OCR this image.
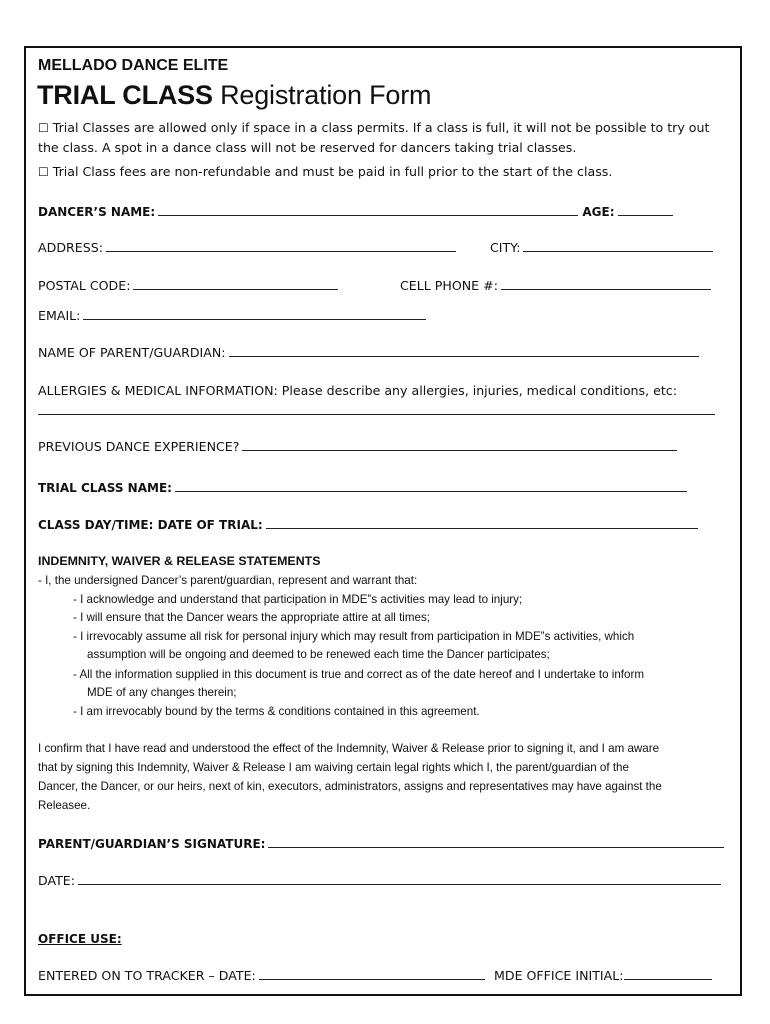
MELLADO DANCE ELITE
TRIAL CLASS Registration Form
☐ Trial Classes are allowed only if space in a class permits. If a class is full, it will not be possible to try out
the class. A spot in a dance class will not be reserved for dancers taking trial classes.
☐ Trial Class fees are non-refundable and must be paid in full prior to the start of the class.
DANCER’S NAME:	AGE:
ADDRESS:	CITY:
POSTAL CODE:	CELL PHONE #:
EMAIL:
NAME OF PARENT/GUARDIAN:
ALLERGIES & MEDICAL INFORMATION: Please describe any allergies, injuries, medical conditions, etc:
PREVIOUS DANCE EXPERIENCE?
TRIAL CLASS NAME:
CLASS DAY/TIME: DATE OF TRIAL:
INDEMNITY, WAIVER & RELEASE STATEMENTS
- I, the undersigned Dancer’s parent/guardian, represent and warrant that:
- I acknowledge and understand that participation in MDE‟s activities may lead to injury;
- I will ensure that the Dancer wears the appropriate attire at all times;
- I irrevocably assume all risk for personal injury which may result from participation in MDE‟s activities, which
assumption will be ongoing and deemed to be renewed each time the Dancer participates;
- All the information supplied in this document is true and correct as of the date hereof and I undertake to inform
MDE of any changes therein;
- I am irrevocably bound by the terms & conditions contained in this agreement.
I confirm that I have read and understood the effect of the Indemnity, Waiver & Release prior to signing it, and I am aware
that by signing this Indemnity, Waiver & Release I am waiving certain legal rights which I, the parent/guardian of the
Dancer, the Dancer, or our heirs, next of kin, executors, administrators, assigns and representatives may have against the
Releasee.
PARENT/GUARDIAN’S SIGNATURE:
DATE:
OFFICE USE:
ENTERED ON TO TRACKER – DATE:	MDE OFFICE INITIAL:
